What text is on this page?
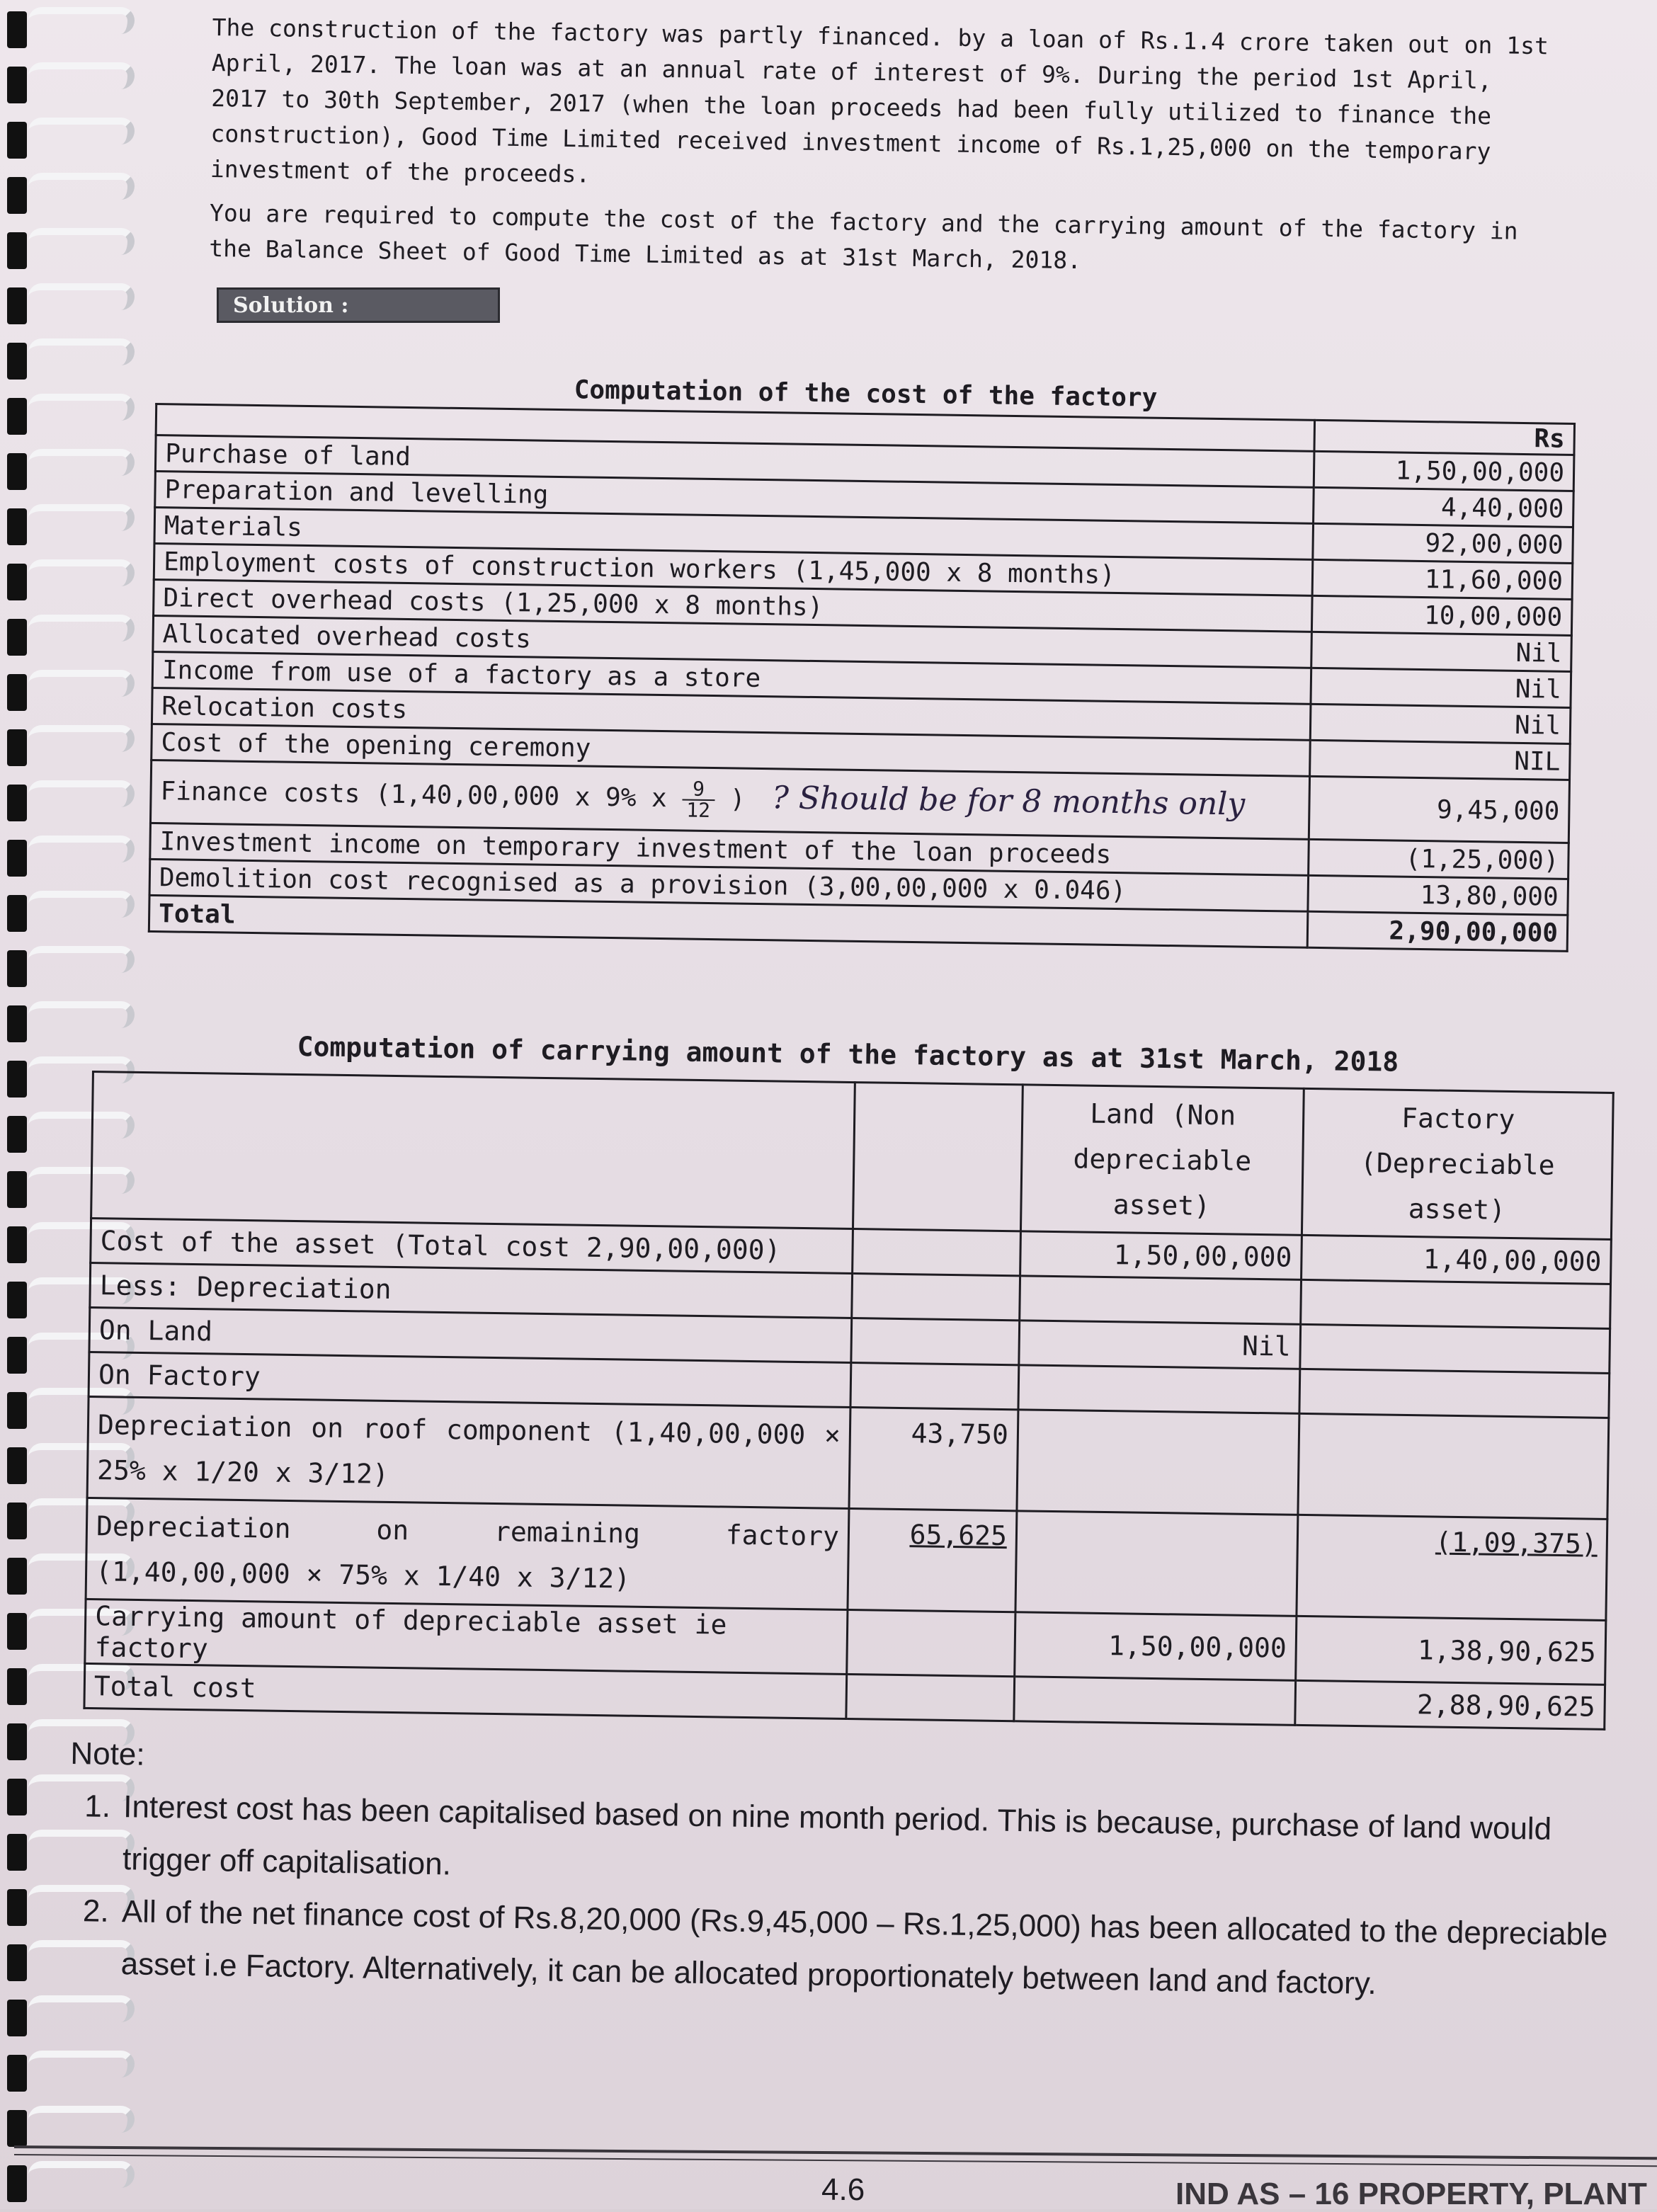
The construction of the factory was partly financed. by a loan of Rs.1.4 crore taken out on 1st April, 2017. The loan was at an annual rate of interest of 9%. During the period 1st April, 2017 to 30th September, 2017 (when the loan proceeds had been fully utilized to finance the construction), Good Time Limited received investment income of Rs.1,25,000 on the temporary investment of the proceeds.

You are required to compute the cost of the factory and the carrying amount of the factory in the Balance Sheet of Good Time Limited as at 31st March, 2018.

Solution :
Computation of the cost of the factory
	Rs
Purchase of land	1,50,00,000
Preparation and levelling	4,40,000
Materials	92,00,000
Employment costs of construction workers (1,45,000 x 8 months)	11,60,000
Direct overhead costs (1,25,000 x 8 months)	10,00,000
Allocated overhead costs	Nil
Income from use of a factory as a store	Nil
Relocation costs	Nil
Cost of the opening ceremony	NIL
Finance costs (1,40,00,000 x 9% x $\frac{9}{12}$ ) ? Should be for 8 months only	9,45,000
Investment income on temporary investment of the loan proceeds	(1,25,000)
Demolition cost recognised as a provision (3,00,00,000 x 0.046)	13,80,000
Total	2,90,00,000
Computation of carrying amount of the factory as at 31st March, 2018
		Land (Non depreciable asset)	Factory (Depreciable asset)
Cost of the asset (Total cost 2,90,00,000)		1,50,00,000	1,40,00,000
Less: Depreciation			
On Land		Nil	
On Factory			
Depreciation on roof component (1,40,00,000 × 25% x 1/20 x 3/12)	43,750		
Depreciation on remaining factory (1,40,00,000 × 75% x 1/40 x 3/12)	65,625		(1,09,375)
Carrying amount of depreciable asset ie factory		1,50,00,000	1,38,90,625
Total cost			2,88,90,625

Note:

1. Interest cost has been capitalised based on nine month period. This is because, purchase of land would trigger off capitalisation.
2. All of the net finance cost of Rs.8,20,000 (Rs.9,45,000 – Rs.1,25,000) has been allocated to the depreciable asset i.e Factory. Alternatively, it can be allocated proportionately between land and factory.
4.6	IND AS – 16 PROPERTY, PLANT
